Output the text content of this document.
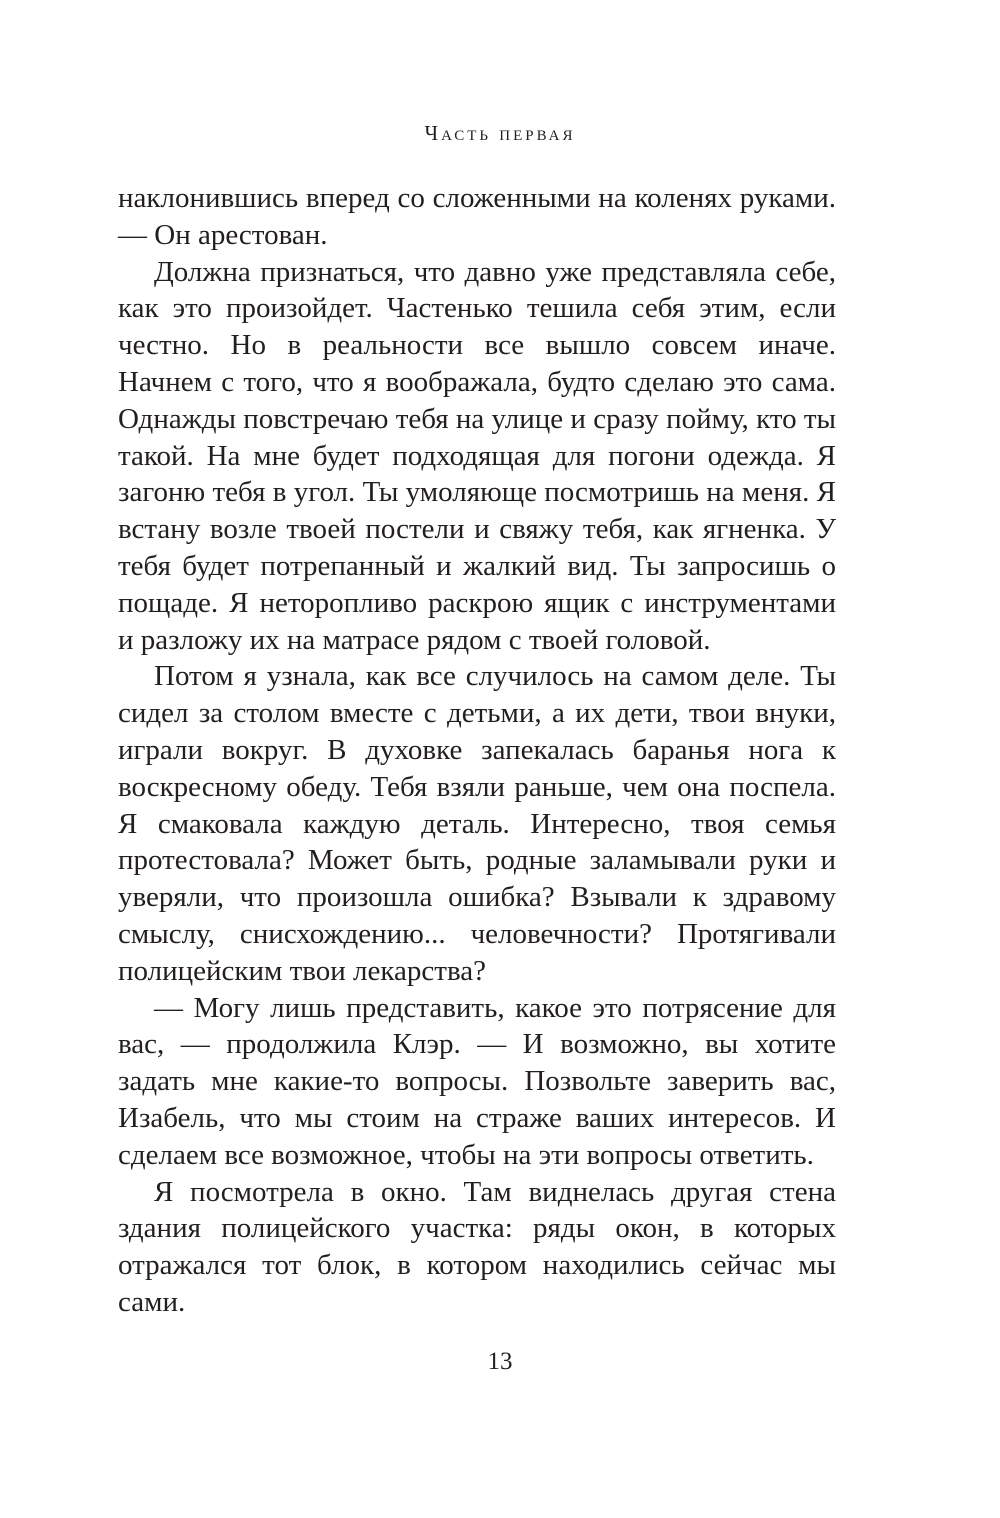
Часть первая

наклонившись вперед со сложенными на коленях руками. — Он арестован.

Должна признаться, что давно уже представляла себе, как это произойдет. Частенько тешила себя этим, если честно. Но в реальности все вышло совсем иначе. Начнем с того, что я воображала, будто сделаю это сама. Однажды повстречаю тебя на улице и сразу пойму, кто ты такой. На мне будет подходящая для погони одежда. Я загоню тебя в угол. Ты умоляюще посмотришь на меня. Я встану возле твоей постели и свяжу тебя, как ягненка. У тебя будет потрепанный и жалкий вид. Ты запросишь о пощаде. Я неторопливо раскрою ящик с инструментами и разложу их на матрасе рядом с твоей головой.

Потом я узнала, как все случилось на самом деле. Ты сидел за столом вместе с детьми, а их дети, твои внуки, играли вокруг. В духовке запекалась баранья нога к воскресному обеду. Тебя взяли раньше, чем она поспела. Я смаковала каждую деталь. Интересно, твоя семья протестовала? Может быть, родные заламывали руки и уверяли, что произошла ошибка? Взывали к здравому смыслу, снисхождению... человечности? Протягивали полицейским твои лекарства?

— Могу лишь представить, какое это потрясение для вас, — продолжила Клэр. — И возможно, вы хотите задать мне какие-то вопросы. Позвольте заверить вас, Изабель, что мы стоим на страже ваших интересов. И сделаем все возможное, чтобы на эти вопросы ответить.

Я посмотрела в окно. Там виднелась другая стена здания полицейского участка: ряды окон, в которых отражался тот блок, в котором находились сейчас мы сами.

13
